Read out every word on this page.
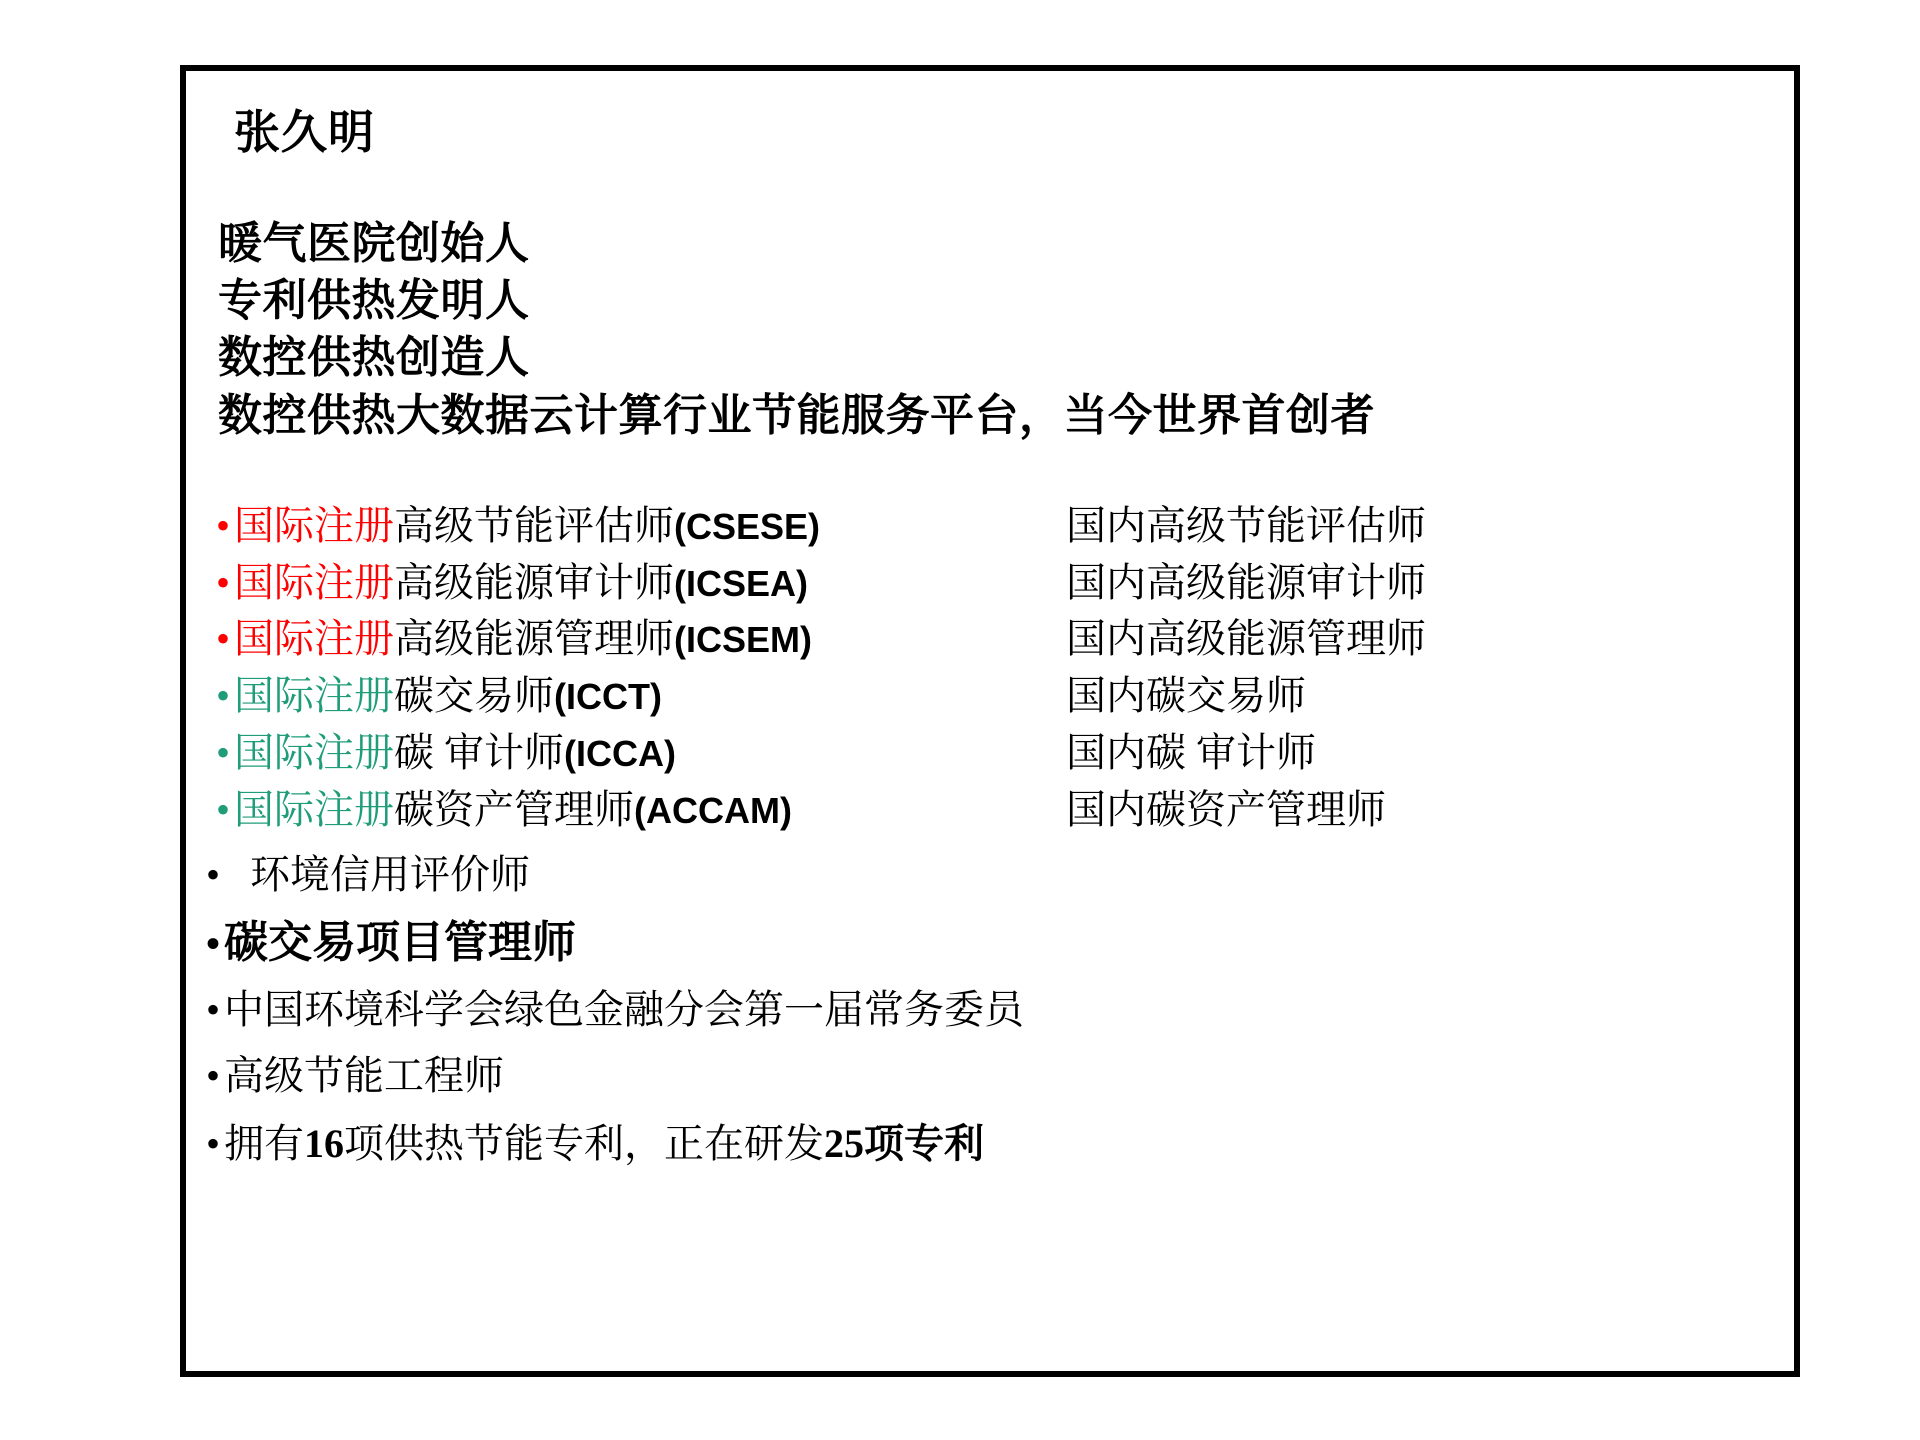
张久明
暖气医院创始人
专利供热发明人
数控供热创造人
数控供热大数据云计算行业节能服务平台，当今世界首创者
• 国际注册 高级节能评估师 (CSESE)	国内高级节能评估师
• 国际注册 高级能源审计师 (ICSEA)	国内高级能源审计师
• 国际注册 高级能源管理师 (ICSEM)	国内高级能源管理师
• 国际注册 碳交易师 (ICCT)	国内碳交易师
• 国际注册 碳 审计师 (ICCA)	国内碳 审计师
• 国际注册 碳资产管理师 (ACCAM)	国内碳资产管理师
• 环境信用评价师
• 碳交易项目管理师
• 中国环境科学会绿色金融分会第一届常务委员
• 高级节能工程师
• 拥有 16 项供热节能专利，正在研发 25项专利
